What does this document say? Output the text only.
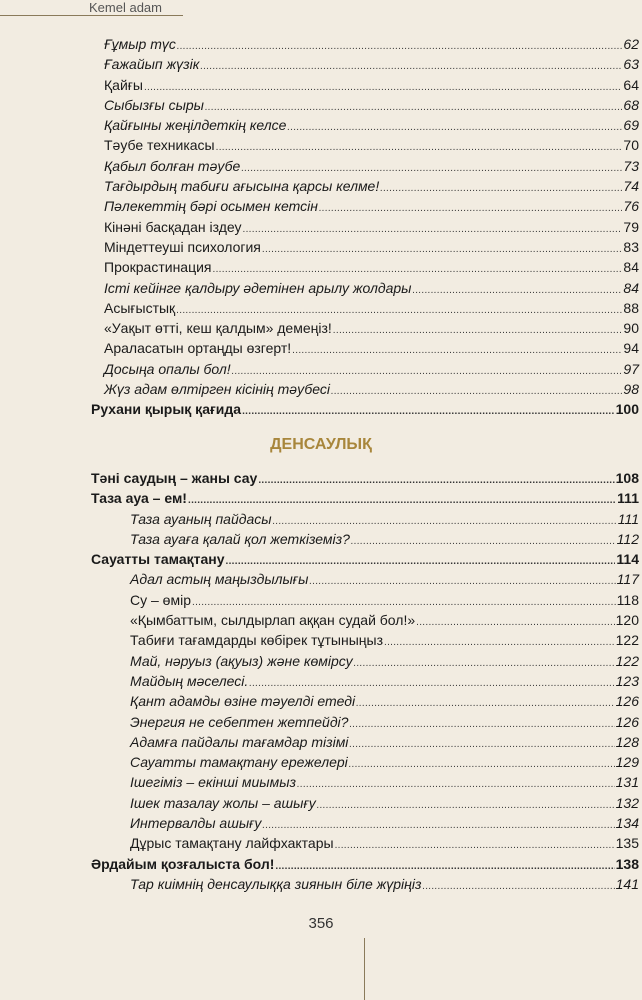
Kemel adam
Ғұмыр түс .....	62
Ғажайып жүзік .....	63
Қайғы .....	64
Сыбызғы сыры .....	68
Қайғыны жеңілдеткің келсе .....	69
Тәубе техникасы .....	70
Қабыл болған тәубе .....	73
Тағдырдың табиғи ағысына қарсы келме! .....	74
Пәлекеттің бәрі осымен кетсін .....	76
Кінәні басқадан іздеу .....	79
Міндеттеуші психология .....	83
Прокрастинация .....	84
Істі кейінге қалдыру әдетінен арылу жолдары .....	84
Асығыстық .....	88
«Уақыт өтті, кеш қалдым» демеңіз! .....	90
Араласатын ортаңды өзгерт! .....	94
Досыңа опалы бол! .....	97
Жүз адам өлтірген кісінің тәубесі .....	98
Рухани қырық қағида .....	100
ДЕНСАУЛЫҚ
Тәні саудың – жаны сау .....	108
Таза ауа – ем! .....	111
Таза ауаның пайдасы .....	111
Таза ауаға қалай қол жеткіземіз? .....	112
Сауатты тамақтану .....	114
Адал астың маңыздылығы .....	117
Су – өмір .....	118
«Қымбаттым, сылдырлап аққан судай бол!» .....	120
Табиғи тағамдарды көбірек тұтыныңыз .....	122
Май, нәруыз (ақуыз) және көмірсу .....	122
Майдың мәселесі. .....	123
Қант адамды өзіне тәуелді етеді .....	126
Энергия не себептен жетпейді? .....	126
Адамға пайдалы тағамдар тізімі .....	128
Сауатты тамақтану ережелері .....	129
Ішегіміз – екінші миымыз .....	131
Ішек тазалау жолы – ашығу .....	132
Интервалды ашығу .....	134
Дұрыс тамақтану лайфхактары .....	135
Әрдайым қозғалыста бол! .....	138
Тар киімнің денсаулыққа зиянын біле жүріңіз .....	141
356
